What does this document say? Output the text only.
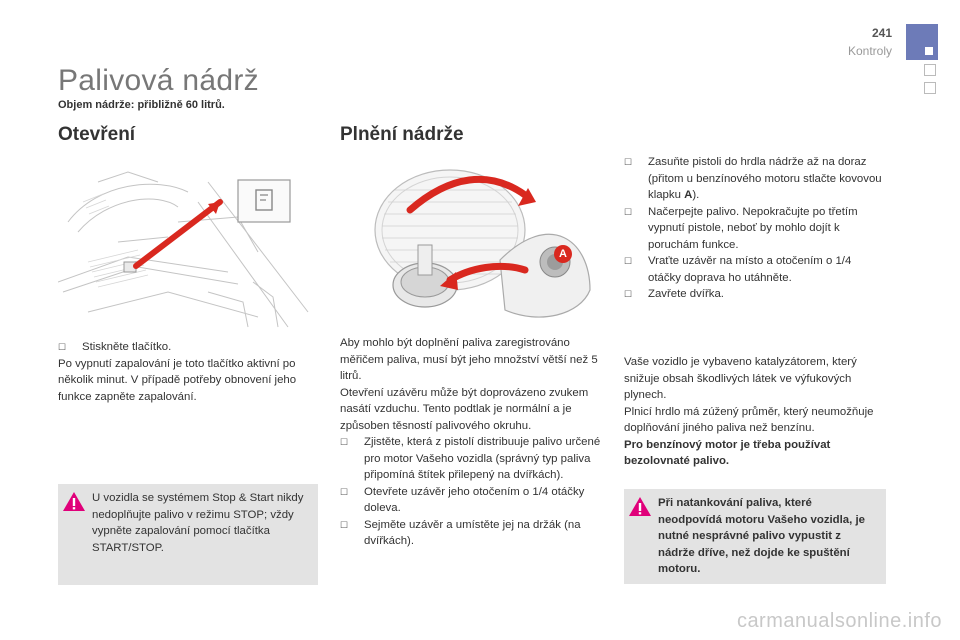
241
Kontroly
Palivová nádrž
Objem nádrže: přibližně 60 litrů.
Otevření
☐ Stiskněte tlačítko.
Po vypnutí zapalování je toto tlačítko aktivní po několik minut. V případě potřeby obnovení jeho funkce zapněte zapalování.
U vozidla se systémem Stop & Start nikdy nedoplňujte palivo v režimu STOP; vždy vypněte zapalování pomocí tlačítka START/STOP.
Plnění nádrže
A
Aby mohlo být doplnění paliva zaregistrováno měřičem paliva, musí být jeho množství větší než 5 litrů.
Otevření uzávěru může být doprovázeno zvukem nasátí vzduchu. Tento podtlak je normální a je způsoben těsností palivového okruhu.
☐ Zjistěte, která z pistolí distribuuje palivo určené pro motor Vašeho vozidla (správný typ paliva připomíná štítek přilepený na dvířkách).
☐ Otevřete uzávěr jeho otočením o 1/4 otáčky doleva.
☐ Sejměte uzávěr a umístěte jej na držák (na dvířkách).
☐ Zasuňte pistoli do hrdla nádrže až na doraz (přitom u benzínového motoru stlačte kovovou klapku A).
☐ Načerpejte palivo. Nepokračujte po třetím vypnutí pistole, neboť by mohlo dojít k poruchám funkce.
☐ Vraťte uzávěr na místo a otočením o 1/4 otáčky doprava ho utáhněte.
☐ Zavřete dvířka.
Vaše vozidlo je vybaveno katalyzátorem, který snižuje obsah škodlivých látek ve výfukových plynech.
Plnicí hrdlo má zúžený průměr, který neumožňuje doplňování jiného paliva než benzínu.
Pro benzínový motor je třeba používat bezolovnaté palivo.
Při natankování paliva, které neodpovídá motoru Vašeho vozidla, je nutné nesprávné palivo vypustit z nádrže dříve, než dojde ke spuštění motoru.
carmanualsonline.info
